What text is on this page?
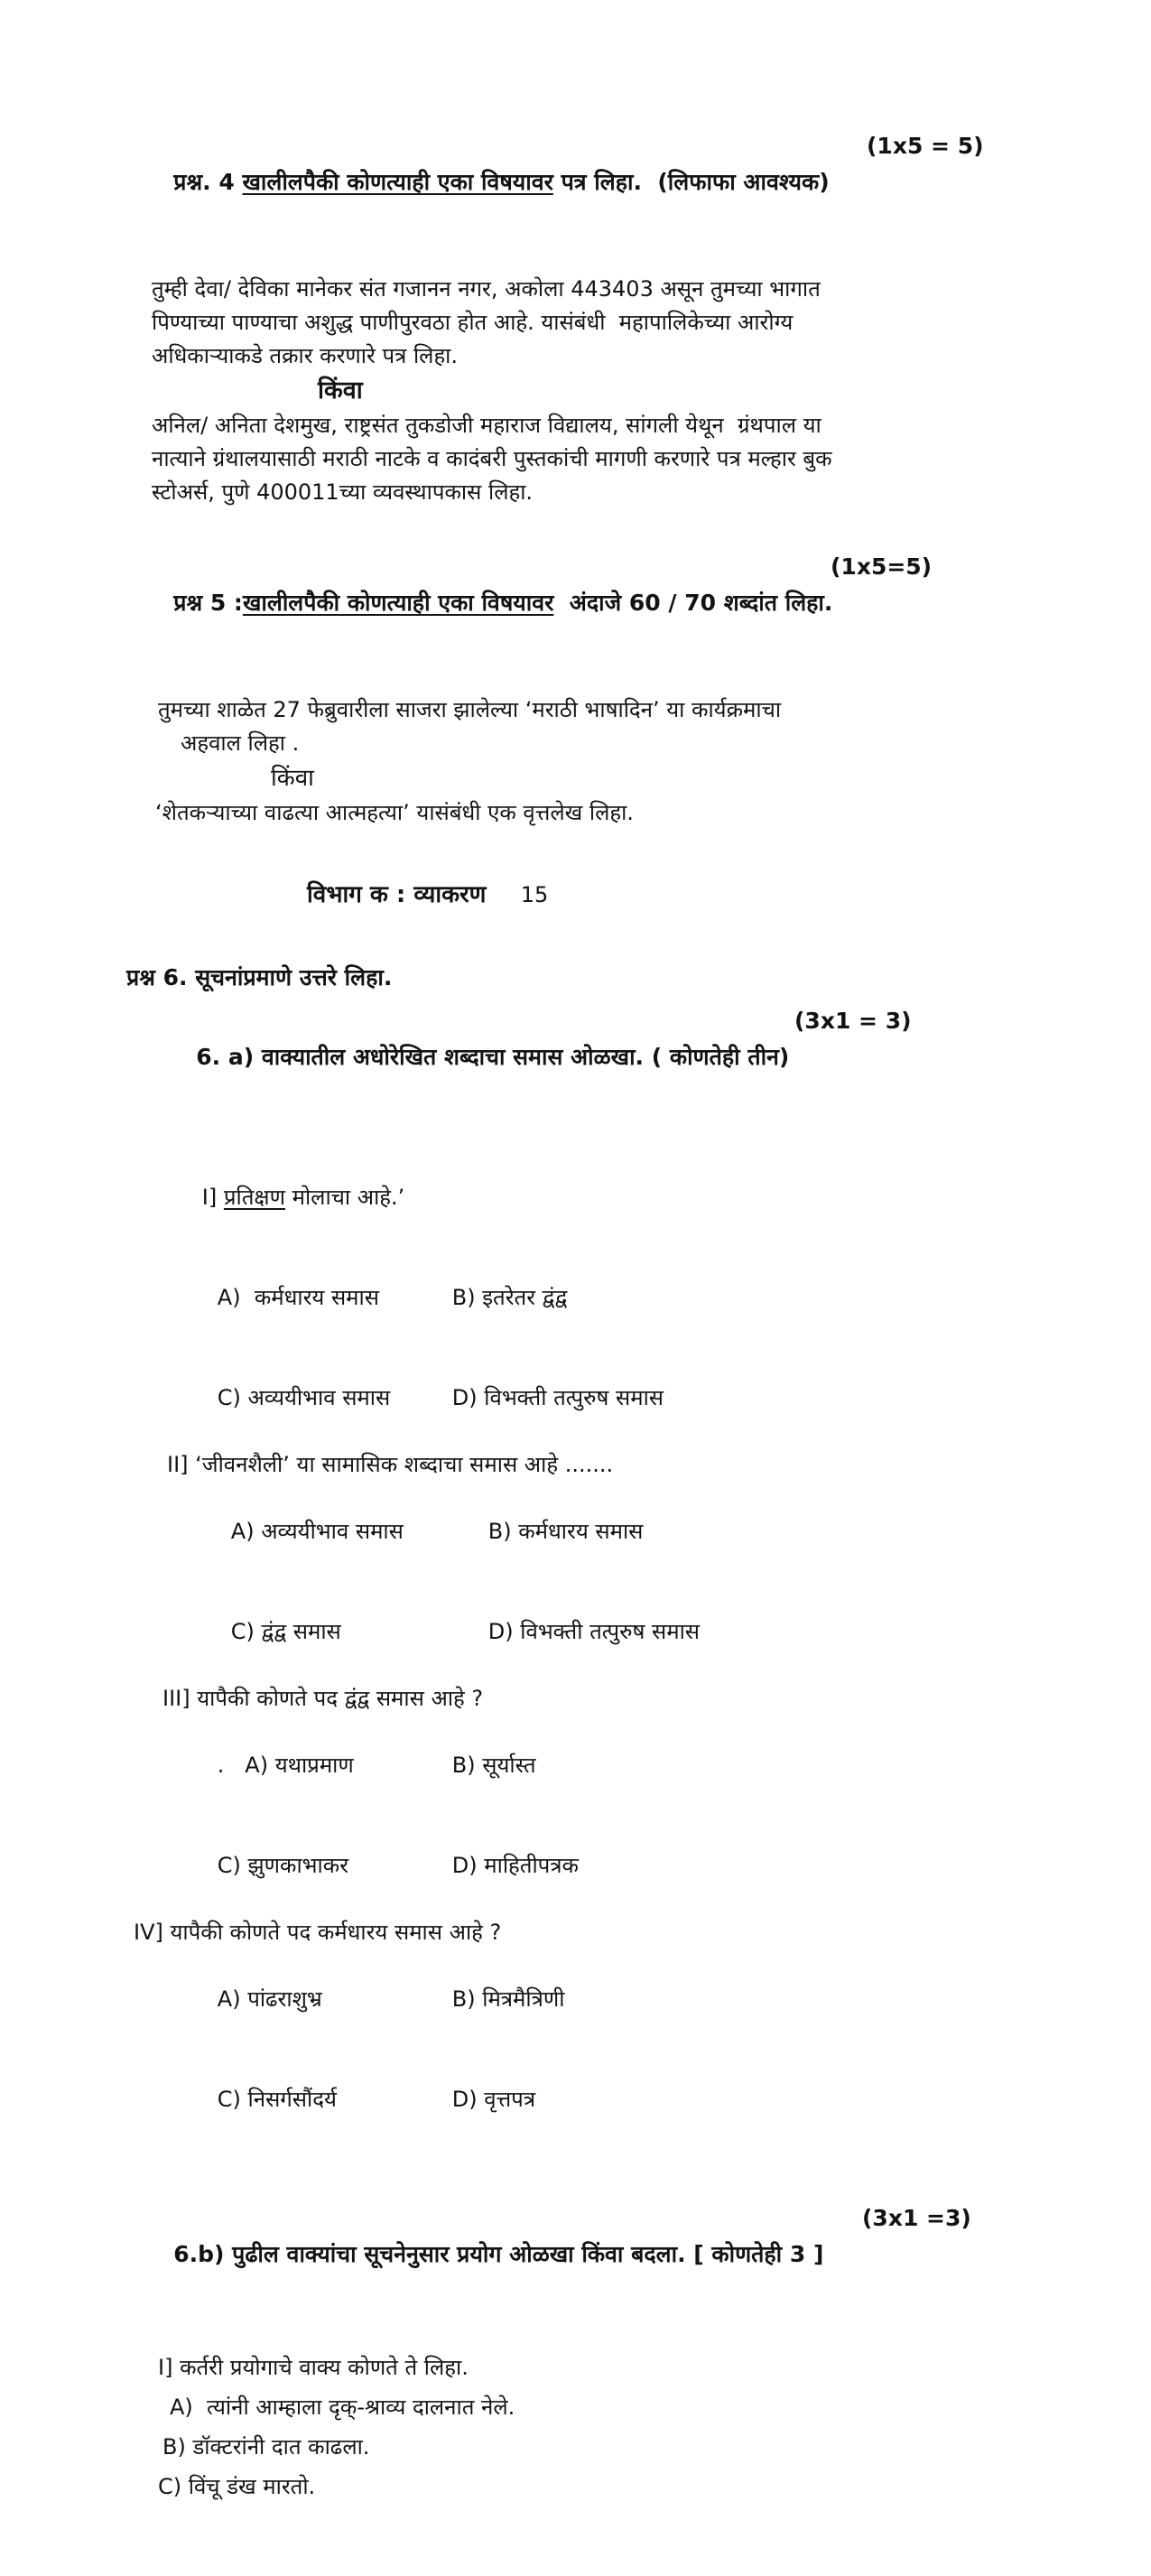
प्रश्न. 4 खालीलपैकी कोणत्याही एका विषयावर पत्र लिहा.  (लिफाफा आवश्यक)

(1x5 = 5)

तुम्ही देवा/ देविका मानेकर संत गजानन नगर, अकोला 443403 असून तुमच्या भागात
पिण्याच्या पाण्याचा अशुद्ध पाणीपुरवठा होत आहे. यासंबंधी  महापालिकेच्या आरोग्य
अधिकाऱ्याकडे तक्रार करणारे पत्र लिहा.
किंवा
अनिल/ अनिता देशमुख, राष्ट्रसंत तुकडोजी महाराज विद्यालय, सांगली येथून  ग्रंथपाल या
नात्याने ग्रंथालयासाठी मराठी नाटके व कादंबरी पुस्तकांची मागणी करणारे पत्र मल्हार बुक
स्टोअर्स, पुणे 400011च्या व्यवस्थापकास लिहा.

प्रश्न 5 :खालीलपैकी कोणत्याही एका विषयावर  अंदाजे 60 / 70 शब्दांत लिहा.

(1x5=5)

तुमच्या शाळेत 27 फेब्रुवारीला साजरा झालेल्या ‘मराठी भाषादिन’ या कार्यक्रमाचा
अहवाल लिहा .
किंवा
‘शेतकऱ्याच्या वाढत्या आत्महत्या’ यासंबंधी एक वृत्तलेख लिहा.
विभाग क : व्याकरण 15
प्रश्न 6. सूचनांप्रमाणे उत्तरे लिहा.

6. a) वाक्यातील अधोरेखित शब्दाचा समास ओळखा. ( कोणतेही तीन)

(3x1 = 3)

I] प्रतिक्षण मोलाचा आहे.’

A)  कर्मधारय समास	B) इतरेतर द्वंद्व

C) अव्ययीभाव समास	D) विभक्ती तत्पुरुष समास

II] ‘जीवनशैली’ या सामासिक शब्दाचा समास आहे .......

A) अव्ययीभाव समास	B) कर्मधारय समास

C) द्वंद्व समास	D) विभक्ती तत्पुरुष समास

III] यापैकी कोणते पद द्वंद्व समास आहे ?

.   A) यथाप्रमाण	B) सूर्यास्त

C) झुणकाभाकर	D) माहितीपत्रक

IV] यापैकी कोणते पद कर्मधारय समास आहे ?

A) पांढराशुभ्र	B) मित्रमैत्रिणी

C) निसर्गसौंदर्य	D) वृत्तपत्र

6.b) पुढील वाक्यांचा सूचनेनुसार प्रयोग ओळखा किंवा बदला. [ कोणतेही 3 ]

(3x1 =3)

I] कर्तरी प्रयोगाचे वाक्य कोणते ते लिहा.
A)  त्यांनी आम्हाला दृक्-श्राव्य दालनात नेले.
B) डॉक्टरांनी दात काढला.
C) विंचू डंख मारतो.
